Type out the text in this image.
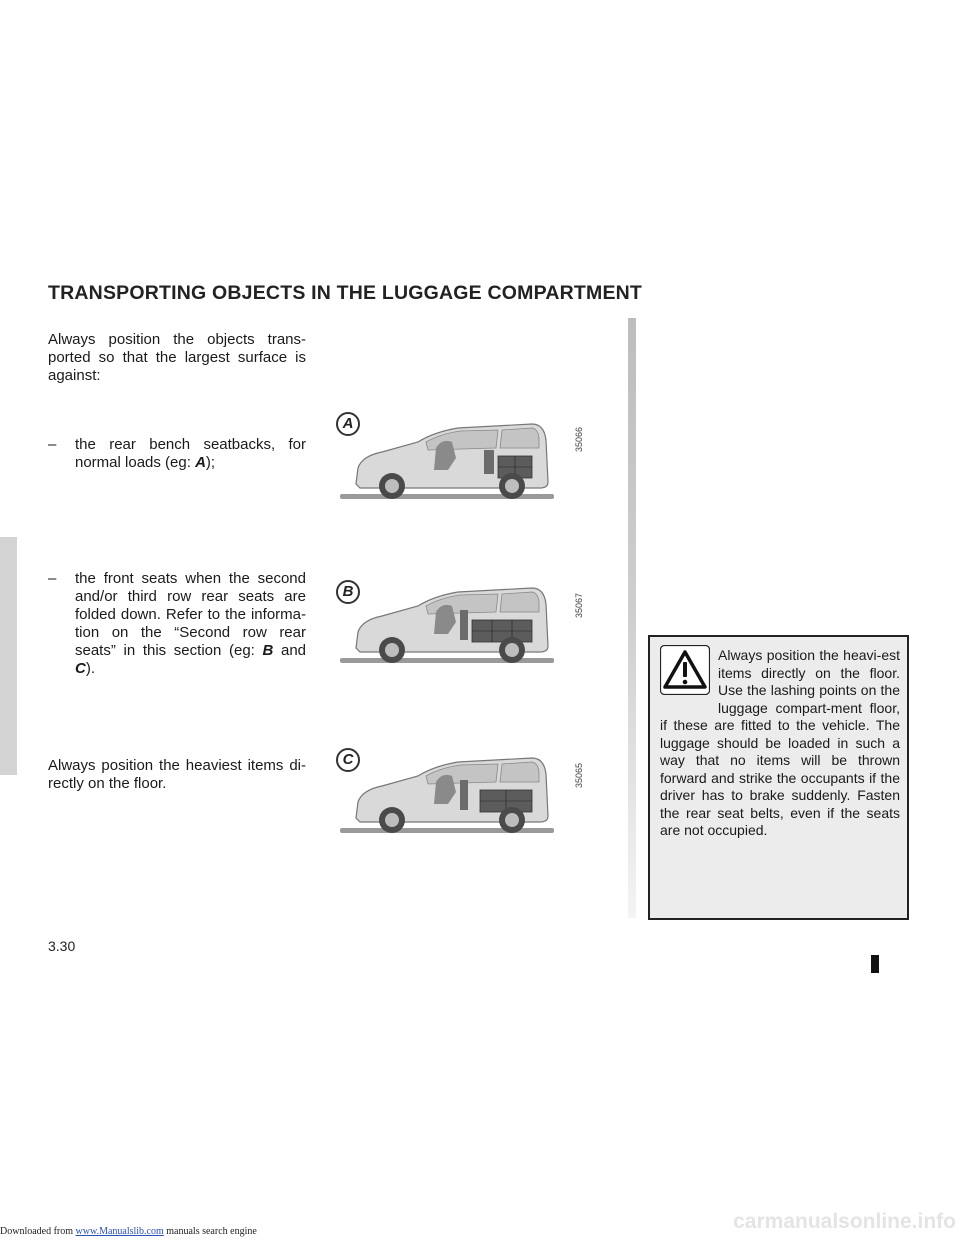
Downloaded from www.Manualslib.com manuals search engine
TRANSPORTING OBJECTS IN THE LUGGAGE COMPARTMENT
Always position the objects trans-ported so that the largest surface is against:
– the rear bench seatbacks, for normal loads (eg: A);
– the front seats when the second and/or third row rear seats are folded down. Refer to the informa-tion on the “Second row rear seats” in this section (eg: B and C).
Always position the heaviest items di-rectly on the floor.
A
35066
B
35067
C
35065
Always position the heavi-est items directly on the floor. Use the lashing points on the luggage compart-ment floor, if these are fitted to the vehicle. The luggage should be loaded in such a way that no items will be thrown forward and strike the occupants if the driver has to brake suddenly. Fasten the rear seat belts, even if the seats are not occupied.
3.30
carmanualsonline.info
